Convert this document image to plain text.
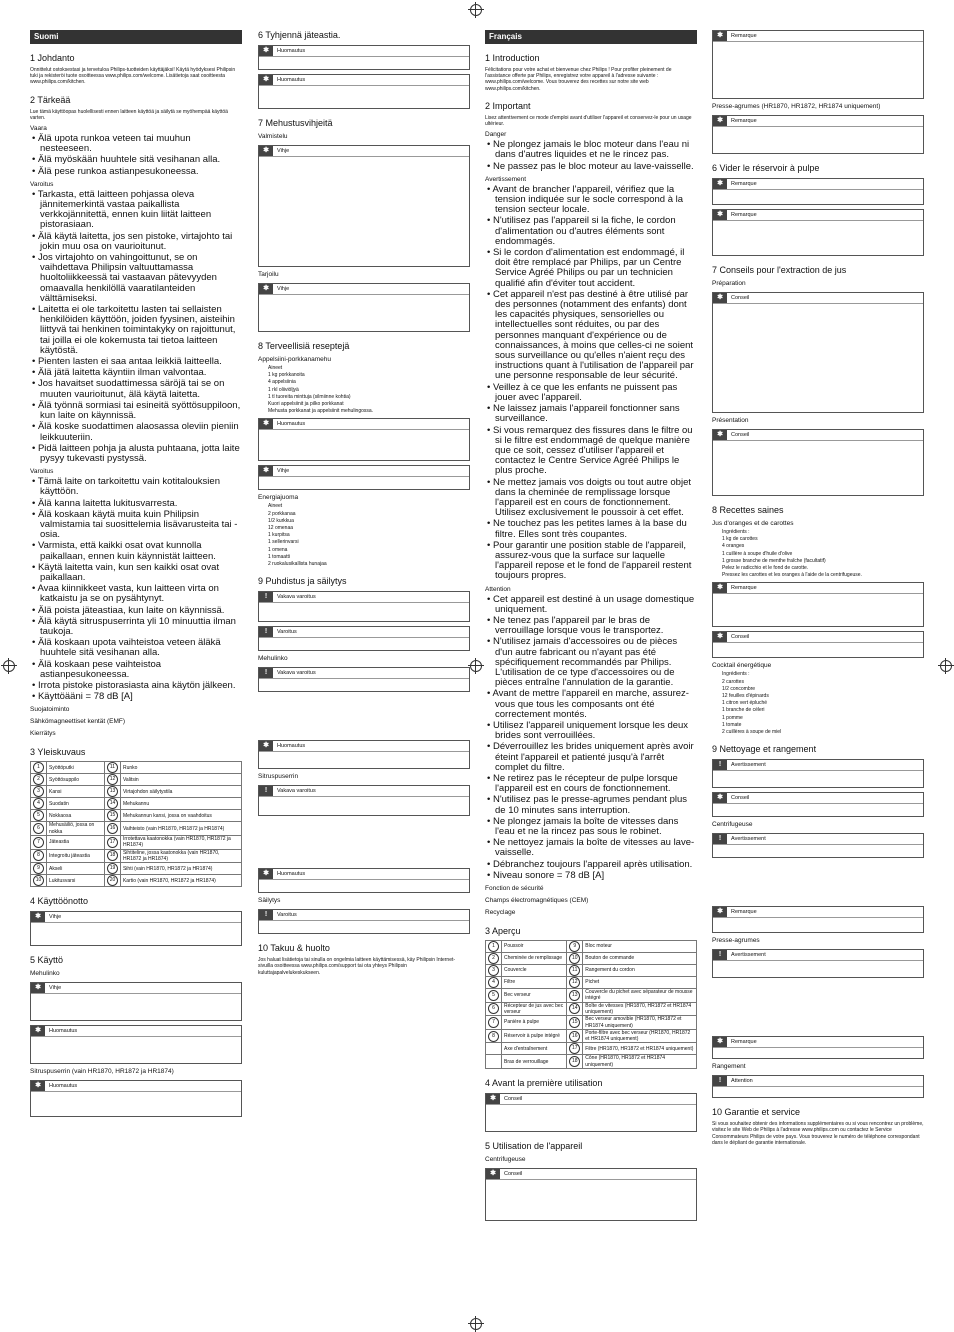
Suomi
1 Johdanto
Onnittelut ostoksestasi ja tervetuloa Philips-tuotteiden käyttäjäksi! Käytä hyödyksesi Philipsin tuki ja rekisteröi tuote osoitteessa www.philips.com/welcome. Lisätietoja saat osoitteesta www.philips.com/kitchen.
2 Tärkeää
Lue tämä käyttöopas huolellisesti ennen laitteen käyttöä ja säilytä se myöhempää käyttöä varten.
Vaara
• Älä upota runkoa veteen tai muuhun nesteeseen.
• Älä myöskään huuhtele sitä vesihanan alla.
• Älä pese runkoa astianpesukoneessa.
Varoitus
• Tarkasta, että laitteen pohjassa oleva jännitemerkintä vastaa paikallista verkkojännitettä, ennen kuin liität laitteen pistorasiaan.
• Älä käytä laitetta, jos sen pistoke, virtajohto tai jokin muu osa on vaurioitunut.
• Jos virtajohto on vahingoittunut, se on vaihdettava Philipsin valtuuttamassa huoltoliikkeessä tai vastaavan pätevyyden omaavalla henkilöllä vaaratilanteiden välttämiseksi.
• Laitetta ei ole tarkoitettu lasten tai sellaisten henkilöiden käyttöön, joiden fyysinen, aisteihin liittyvä tai henkinen toimintakyky on rajoittunut, tai joilla ei ole kokemusta tai tietoa laitteen käytöstä.
• Pienten lasten ei saa antaa leikkiä laitteella.
• Älä jätä laitetta käyntiin ilman valvontaa.
• Jos havaitset suodattimessa säröjä tai se on muuten vaurioitunut, älä käytä laitetta.
• Älä työnnä sormiasi tai esineitä syöttösuppiloon, kun laite on käynnissä.
• Älä koske suodattimen alaosassa oleviin pieniin leikkuuteriin.
• Pidä laitteen pohja ja alusta puhtaana, jotta laite pysyy tukevasti pystyssä.
Varoitus
• Tämä laite on tarkoitettu vain kotitalouksien käyttöön.
• Älä kanna laitetta lukitusvarresta.
• Älä koskaan käytä muita kuin Philipsin valmistamia tai suosittelemia lisävarusteita tai -osia.
• Varmista, että kaikki osat ovat kunnolla paikallaan, ennen kuin käynnistät laitteen.
• Käytä laitetta vain, kun sen kaikki osat ovat paikallaan.
• Avaa kiinnikkeet vasta, kun laitteen virta on katkaistu ja se on pysähtynyt.
• Älä poista jäteastiaa, kun laite on käynnissä.
• Älä käytä sitruspuserrinta yli 10 minuuttia ilman taukoja.
• Älä koskaan upota vaihteistoa veteen äläkä huuhtele sitä vesihanan alla.
• Älä koskaan pese vaihteistoa astianpesukoneessa.
• Irrota pistoke pistorasiasta aina käytön jälkeen.
• Käyttöääni = 78 dB [A]
Suojatoiminto
Sähkömagneettiset kentät (EMF)
Kierrätys
3 Yleiskuvaus
1	Syöttöputki	11	Runko
2	Syöttösuppilo	12	Valitsin
3	Kansi	13	Virtajohdon säilytystila
4	Suodatin	14	Mehukannu
5	Nokkaosa	15	Mehukannun kansi, jossa on vaahdoitus
6	Mehusäiliö, jossa on nokka	16	Vaihteisto (vain HR1870, HR1872 ja HR1874)
7	Jäteastia	17	Irrotettava kaatonokka (vain HR1870, HR1872 ja HR1874)
8	Integroitu jäteastia	18	Sihtiteline, jossa kaatonokka (vain HR1870, HR1872 ja HR1874)
9	Akseli	19	Sihti (vain HR1870, HR1872 ja HR1874)
10	Lukitusvarsi	20	Kartio (vain HR1870, HR1872 ja HR1874)
4 Käyttöönotto
✱	Vihje
5 Käyttö
Mehulinko
✱	Vihje
✱	Huomautus
Sitruspuserrin (vain HR1870, HR1872 ja HR1874)
✱	Huomautus
6 Tyhjennä jäteastia.
✱	Huomautus
✱	Huomautus
7 Mehustusvihjeitä
Valmistelu
✱	Vihje
Tarjoilu
✱	Vihje
8 Terveellisiä reseptejä
Appelsiini-porkkanamehu
Aineet
1 kg porkkanoita
4 appelsiinia
1 rkl oliiviöljyä
1 tl tuoreita minttuja (silmiinne kohtia)
Kuori appelsiinit ja pilko porkkanat
Mehusta porkkanat ja appelsiinit mehulingossa.
✱	Huomautus
✱	Vihje
Energiajuoma
Aineet
2 porkkanaa
1/2 kurkkua
12 omenaa
1 kurpitsa
1 sellerinvarsi
1 omena
1 tomaatti
2 ruokalusikallista hunajaa
9 Puhdistus ja säilytys
!	Vakava varoitus
!	Varoitus
Mehulinko
!	Vakava varoitus
✱	Huomautus
Sitruspuserrin
!	Vakava varoitus
✱	Huomautus
Säilytys
!	Varoitus
10 Takuu & huolto
Jos haluat lisätietoja tai sinulla on ongelmia laitteen käyttämisessä, käy Philipsin Internet-sivuilla osoitteessa www.philips.com/support tai ota yhteys Philipsin kuluttajapalvelukeskukseen.
Français
1 Introduction
Félicitations pour votre achat et bienvenue chez Philips ! Pour profiter pleinement de l'assistance offerte par Philips, enregistrez votre appareil à l'adresse suivante : www.philips.com/welcome. Vous trouverez des recettes sur notre site web www.philips.com/kitchen.
2 Important
Lisez attentivement ce mode d'emploi avant d'utiliser l'appareil et conservez-le pour un usage ultérieur.
Danger
• Ne plongez jamais le bloc moteur dans l'eau ni dans d'autres liquides et ne le rincez pas.
• Ne passez pas le bloc moteur au lave-vaisselle.
Avertissement
• Avant de brancher l'appareil, vérifiez que la tension indiquée sur le socle correspond à la tension secteur locale.
• N'utilisez pas l'appareil si la fiche, le cordon d'alimentation ou d'autres éléments sont endommagés.
• Si le cordon d'alimentation est endommagé, il doit être remplacé par Philips, par un Centre Service Agréé Philips ou par un technicien qualifié afin d'éviter tout accident.
• Cet appareil n'est pas destiné à être utilisé par des personnes (notamment des enfants) dont les capacités physiques, sensorielles ou intellectuelles sont réduites, ou par des personnes manquant d'expérience ou de connaissances, à moins que celles-ci ne soient sous surveillance ou qu'elles n'aient reçu des instructions quant à l'utilisation de l'appareil par une personne responsable de leur sécurité.
• Veillez à ce que les enfants ne puissent pas jouer avec l'appareil.
• Ne laissez jamais l'appareil fonctionner sans surveillance.
• Si vous remarquez des fissures dans le filtre ou si le filtre est endommagé de quelque manière que ce soit, cessez d'utiliser l'appareil et contactez le Centre Service Agréé Philips le plus proche.
• Ne mettez jamais vos doigts ou tout autre objet dans la cheminée de remplissage lorsque l'appareil est en cours de fonctionnement. Utilisez exclusivement le poussoir à cet effet.
• Ne touchez pas les petites lames à la base du filtre. Elles sont très coupantes.
• Pour garantir une position stable de l'appareil, assurez-vous que la surface sur laquelle l'appareil repose et le fond de l'appareil restent toujours propres.
Attention
• Cet appareil est destiné à un usage domestique uniquement.
• Ne tenez pas l'appareil par le bras de verrouillage lorsque vous le transportez.
• N'utilisez jamais d'accessoires ou de pièces d'un autre fabricant ou n'ayant pas été spécifiquement recommandés par Philips. L'utilisation de ce type d'accessoires ou de pièces entraîne l'annulation de la garantie.
• Avant de mettre l'appareil en marche, assurez-vous que tous les composants ont été correctement montés.
• Utilisez l'appareil uniquement lorsque les deux brides sont verrouillées.
• Déverrouillez les brides uniquement après avoir éteint l'appareil et patienté jusqu'à l'arrêt complet du filtre.
• Ne retirez pas le récepteur de pulpe lorsque l'appareil est en cours de fonctionnement.
• N'utilisez pas le presse-agrumes pendant plus de 10 minutes sans interruption.
• Ne plongez jamais la boîte de vitesses dans l'eau et ne la rincez pas sous le robinet.
• Ne nettoyez jamais la boîte de vitesses au lave-vaisselle.
• Débranchez toujours l'appareil après utilisation.
• Niveau sonore = 78 dB [A]
Fonction de sécurité
Champs électromagnétiques (CEM)
Recyclage
3 Aperçu
1	Poussoir	9	Bloc moteur
2	Cheminée de remplissage	10	Bouton de commande
3	Couvercle	11	Rangement du cordon
4	Filtre	12	Pichet
5	Bec verseur	13	Couvercle du pichet avec séparateur de mousse intégré
6	Récepteur de jus avec bec verseur	14	Boîte de vitesses (HR1870, HR1872 et HR1874 uniquement)
7	Panière à pulpe	15	Bec verseur amovible (HR1870, HR1872 et HR1874 uniquement)
8	Réservoir à pulpe intégré	16	Porte-filtre avec bec verseur (HR1870, HR1872 et HR1874 uniquement)
	Axe d'entraînement	17	Filtre (HR1870, HR1872 et HR1874 uniquement)
	Bras de verrouillage	18	Cône (HR1870, HR1872 et HR1874 uniquement)
4 Avant la première utilisation
✱	Conseil
5 Utilisation de l'appareil
Centrifugeuse
✱	Conseil
✱	Remarque
Presse-agrumes (HR1870, HR1872, HR1874 uniquement)
✱	Remarque
6 Vider le réservoir à pulpe
✱	Remarque
✱	Remarque
7 Conseils pour l'extraction de jus
Préparation
✱	Conseil
Présentation
✱	Conseil
8 Recettes saines
Jus d'oranges et de carottes
Ingrédients :
1 kg de carottes
4 oranges
1 cuillère à soupe d'huile d'olive
1 grosse branche de menthe fraîche (facultatif)
Pelez le radicchio et le fond de carotte.
Pressez les carottes et les oranges à l'aide de la centrifugeuse.
✱	Remarque
✱	Conseil
Cocktail énergétique
Ingrédients :
2 carottes
1/2 concombre
12 feuilles d'épinards
1 citron vert épluché
1 branche de céleri
1 pomme
1 tomate
2 cuillères à soupe de miel
9 Nettoyage et rangement
!	Avertissement
✱	Conseil
Centrifugeuse
!	Avertissement
✱	Remarque
Presse-agrumes
!	Avertissement
✱	Remarque
Rangement
!	Attention
10 Garantie et service
Si vous souhaitez obtenir des informations supplémentaires ou si vous rencontrez un problème, visitez le site Web de Philips à l'adresse www.philips.com ou contactez le Service Consommateurs Philips de votre pays. Vous trouverez le numéro de téléphone correspondant dans le dépliant de garantie internationale.
